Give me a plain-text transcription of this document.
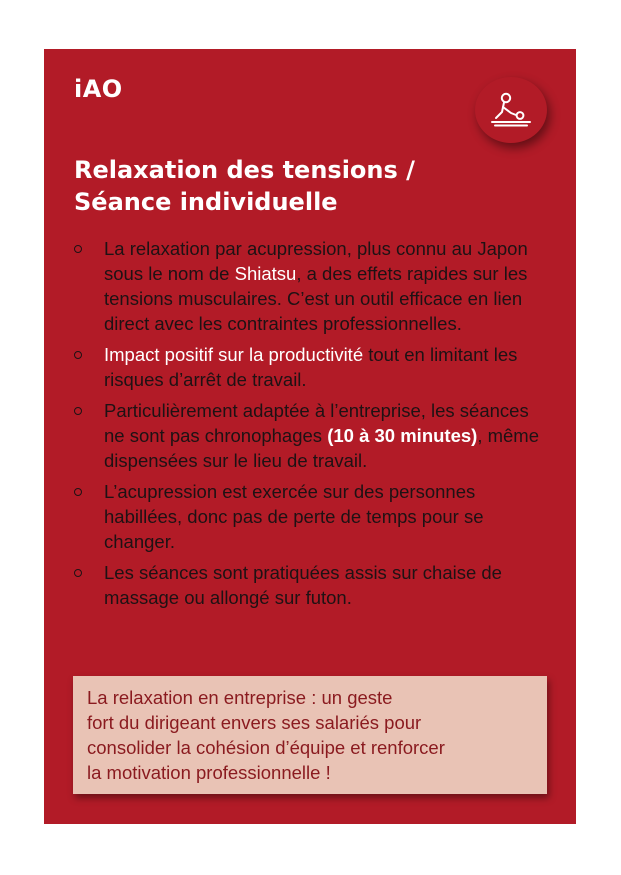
iAO
Relaxation des tensions /
Séance individuelle
La relaxation par acupression, plus connu au Japon sous le nom de Shiatsu, a des effets rapides sur les tensions musculaires. C’est un outil efficace en lien direct avec les contraintes professionnelles.
Impact positif sur la productivité tout en limitant les risques d’arrêt de travail.
Particulièrement adaptée à l’entreprise, les séances ne sont pas chronophages (10 à 30 minutes), même dispensées sur le lieu de travail.
L’acupression est exercée sur des personnes habillées, donc pas de perte de temps pour se changer.
Les séances sont pratiquées assis sur chaise de massage ou allongé sur futon.
La relaxation en entreprise : un geste
fort du dirigeant envers ses salariés pour
consolider la cohésion d’équipe et renforcer
la motivation professionnelle !
